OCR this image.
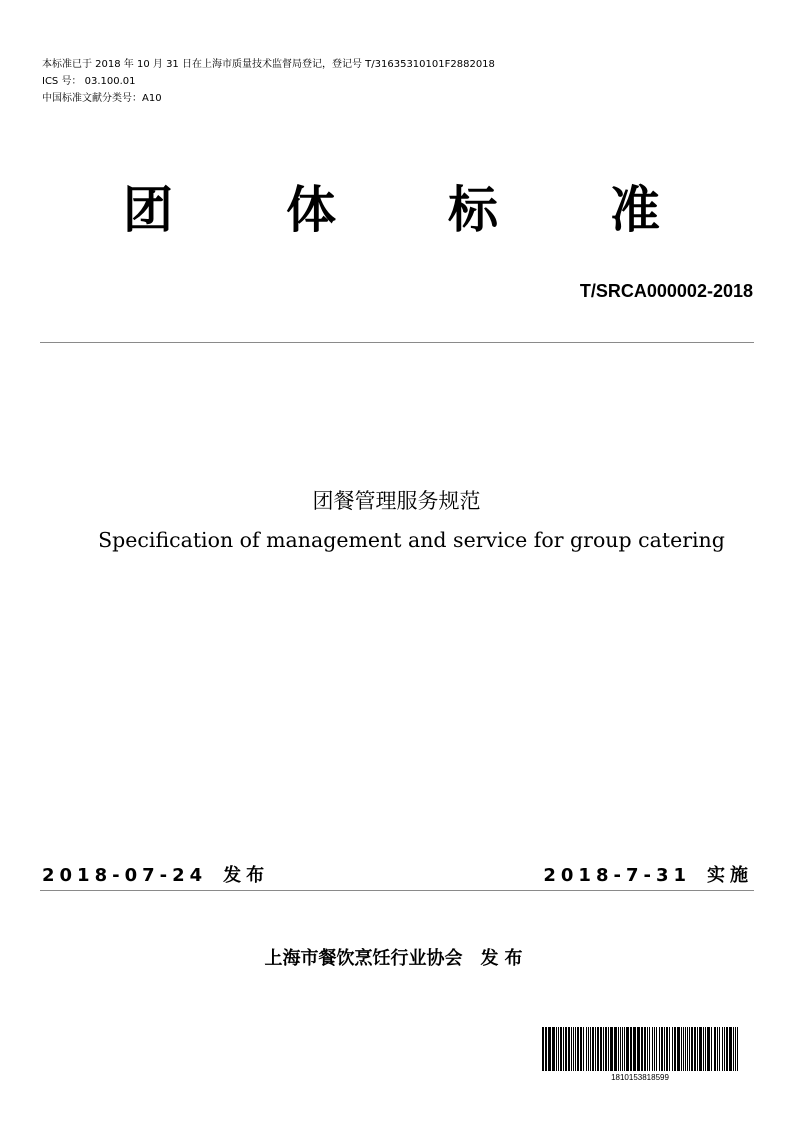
本标准已于 2018 年 10 月 31 日在上海市质量技术监督局登记，登记号 T/31635310101F2882018
ICS 号： 03.100.01
中国标准文献分类号：A10
团 体 标 准
T/SRCA000002-2018
团餐管理服务规范
Specification of management and service for group catering
2018-07-24 发布	2018-7-31 实施
上海市餐饮烹饪行业协会 发布
1810153818599
